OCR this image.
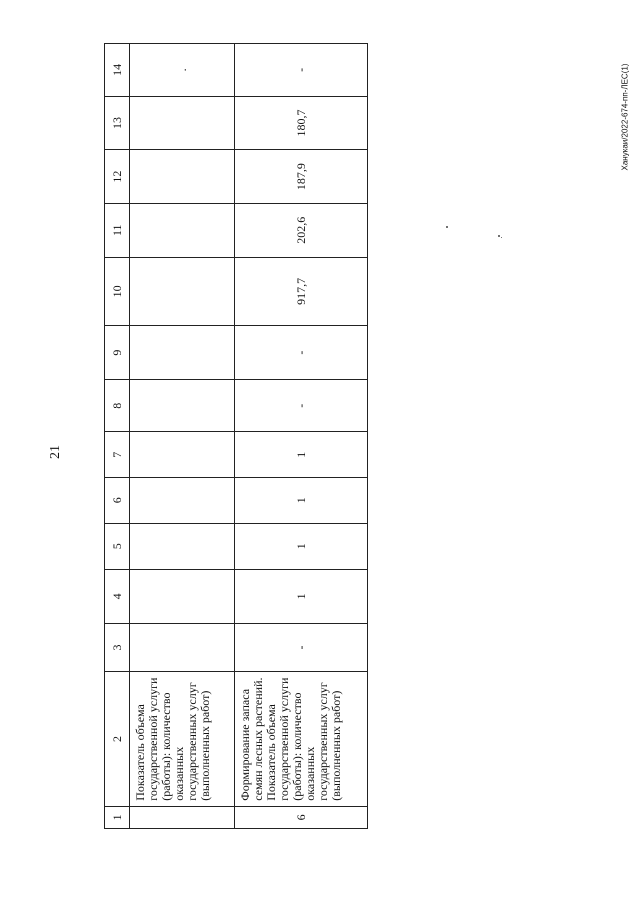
21
Ханукаи/2022-674-пп-ЛЕС(1)
1	2	3	4	5	6	7	8	9	10	11	12	13	14
	Показатель объема государственной услуги (работы): количество оказанных государственных услуг (выполненных работ)												.
6	Формирование запаса семян лесных растений. Показатель объема государственной услуги (работы): количество оказанных государственных услуг (выполненных работ)	-	1	1	1	1	-	-	917,7	202,6	187,9	180,7	-
